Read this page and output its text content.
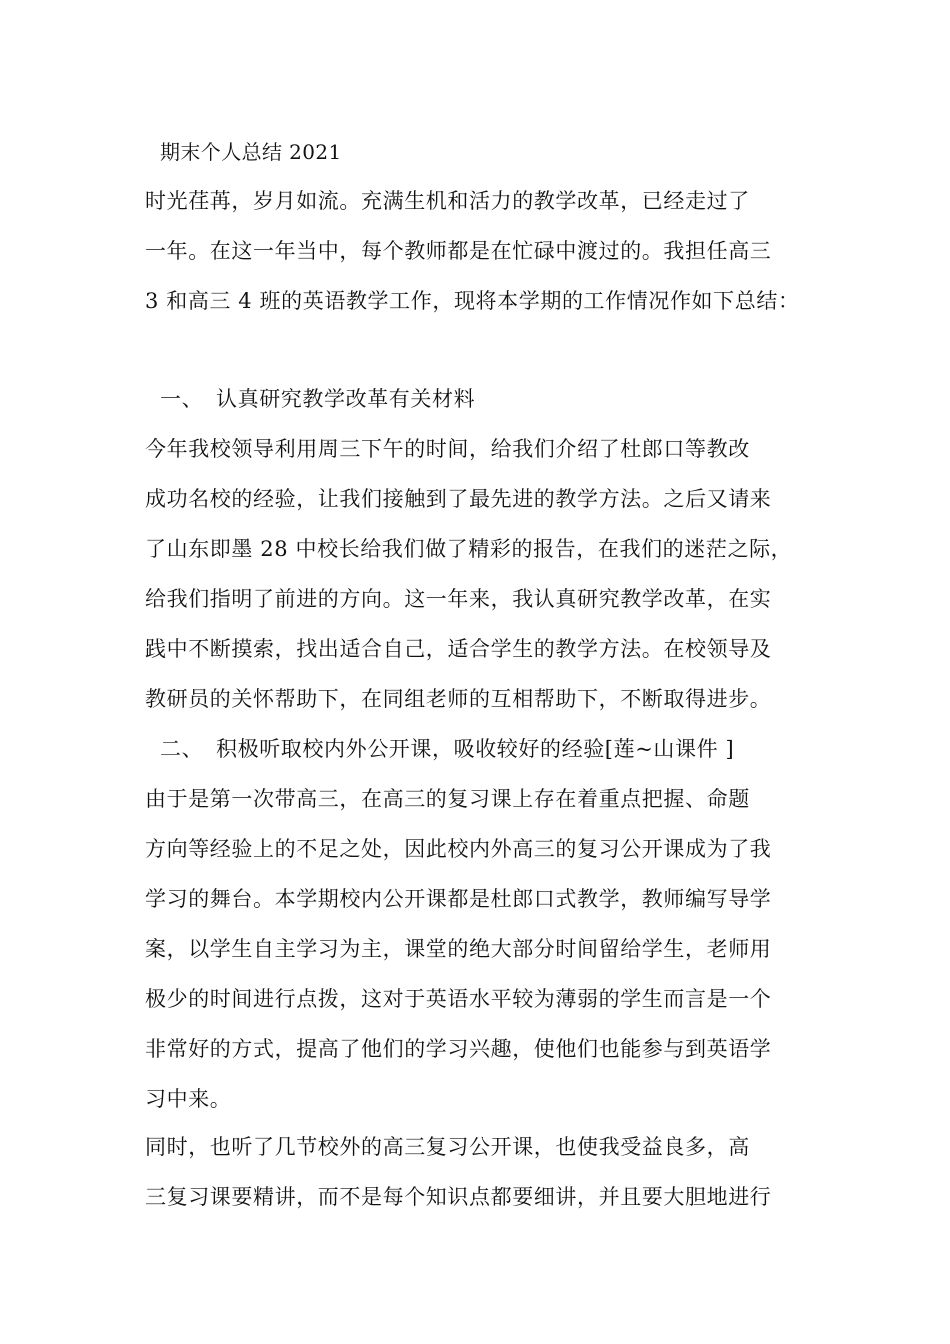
期末个人总结 2021
时光荏苒，岁月如流。充满生机和活力的教学改革，已经走过了
一年。在这一年当中，每个教师都是在忙碌中渡过的。我担任高三
3 和高三 4 班的英语教学工作，现将本学期的工作情况作如下总结：
一、 认真研究教学改革有关材料
今年我校领导利用周三下午的时间，给我们介绍了杜郎口等教改
成功名校的经验，让我们接触到了最先进的教学方法。之后又请来
了山东即墨 28 中校长给我们做了精彩的报告，在我们的迷茫之际，
给我们指明了前进的方向。这一年来，我认真研究教学改革，在实
践中不断摸索，找出适合自己，适合学生的教学方法。在校领导及
教研员的关怀帮助下，在同组老师的互相帮助下，不断取得进步。
二、 积极听取校内外公开课，吸收较好的经验[莲~山课件 ]
由于是第一次带高三，在高三的复习课上存在着重点把握、命题
方向等经验上的不足之处，因此校内外高三的复习公开课成为了我
学习的舞台。本学期校内公开课都是杜郎口式教学，教师编写导学
案，以学生自主学习为主，课堂的绝大部分时间留给学生，老师用
极少的时间进行点拨，这对于英语水平较为薄弱的学生而言是一个
非常好的方式，提高了他们的学习兴趣，使他们也能参与到英语学
习中来。
同时，也听了几节校外的高三复习公开课，也使我受益良多，高
三复习课要精讲，而不是每个知识点都要细讲，并且要大胆地进行
